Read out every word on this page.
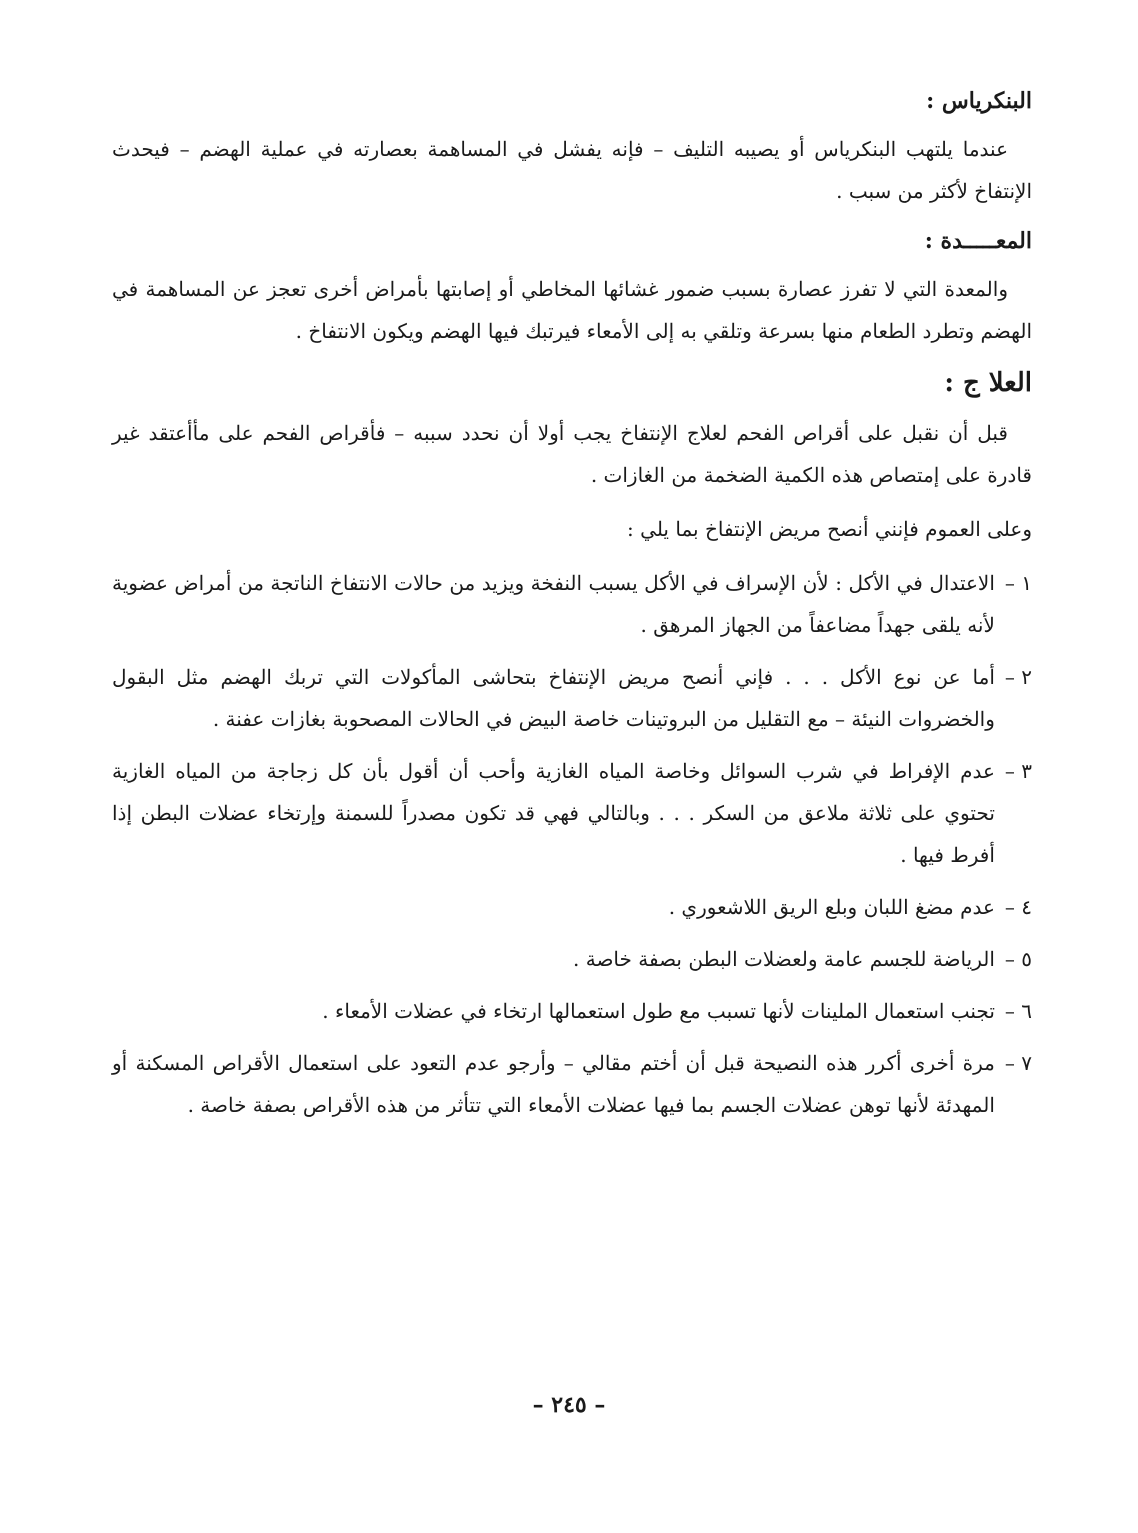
البنكرياس :

عندما يلتهب البنكرياس أو يصيبه التليف – فإنه يفشل في المساهمة بعصارته في عملية الهضم – فيحدث الإنتفاخ لأكثر من سبب .

المعـــــدة :

والمعدة التي لا تفرز عصارة بسبب ضمور غشائها المخاطي أو إصابتها بأمراض أخرى تعجز عن المساهمة في الهضم وتطرد الطعام منها بسرعة وتلقي به إلى الأمعاء فيرتبك فيها الهضم ويكون الانتفاخ .

العلا ج :

قبل أن نقبل على أقراص الفحم لعلاج الإنتفاخ يجب أولا أن نحدد سببه – فأقراص الفحم على مأأعتقد غير قادرة على إمتصاص هذه الكمية الضخمة من الغازات .

وعلى العموم فإنني أنصح مريض الإنتفاخ بما يلي :

١ –
الاعتدال في الأكل : لأن الإسراف في الأكل يسبب النفخة ويزيد من حالات الانتفاخ الناتجة من أمراض عضوية لأنه يلقى جهداً مضاعفاً من الجهاز المرهق .
٢ –
أما عن نوع الأكل . . . فإني أنصح مريض الإنتفاخ بتحاشى المأكولات التي تربك الهضم مثل البقول والخضروات النيئة – مع التقليل من البروتينات خاصة البيض في الحالات المصحوبة بغازات عفنة .
٣ –
عدم الإفراط في شرب السوائل وخاصة المياه الغازية وأحب أن أقول بأن كل زجاجة من المياه الغازية تحتوي على ثلاثة ملاعق من السكر . . . وبالتالي فهي قد تكون مصدراً للسمنة وإرتخاء عضلات البطن إذا أفرط فيها .
٤ –
عدم مضغ اللبان وبلع الريق اللاشعوري .
٥ –
الرياضة للجسم عامة ولعضلات البطن بصفة خاصة .
٦ –
تجنب استعمال الملينات لأنها تسبب مع طول استعمالها ارتخاء في عضلات الأمعاء .
٧ –
مرة أخرى أكرر هذه النصيحة قبل أن أختم مقالي – وأرجو عدم التعود على استعمال الأقراص المسكنة أو المهدئة لأنها توهن عضلات الجسم بما فيها عضلات الأمعاء التي تتأثر من هذه الأقراص بصفة خاصة .
– ٢٤٥ –
